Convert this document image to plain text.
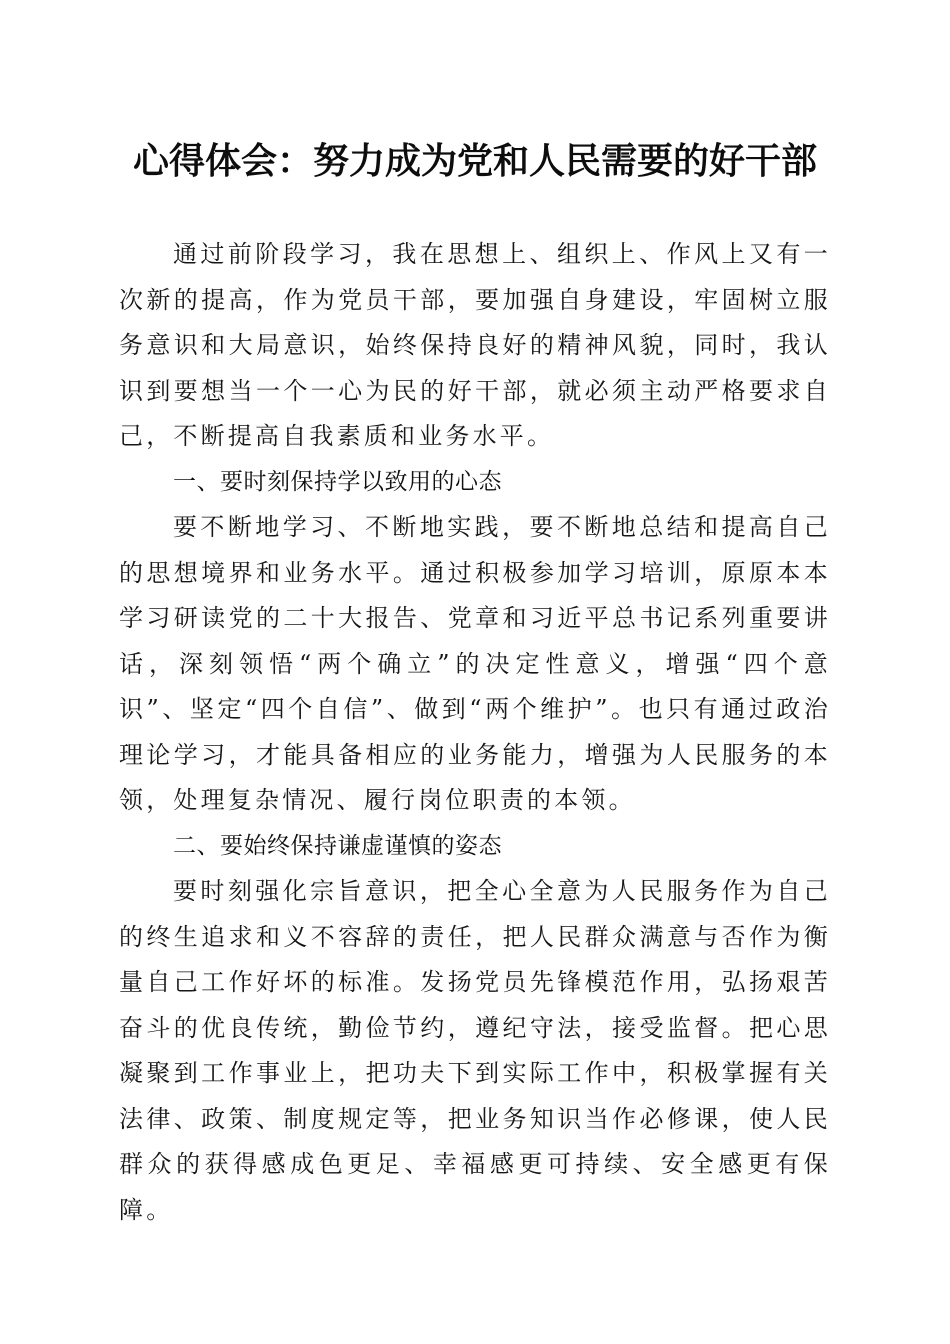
心得体会：努力成为党和人民需要的好干部

通过前阶段学习，我在思想上、组织上、作风上又有一次新的提高，作为党员干部，要加强自身建设，牢固树立服务意识和大局意识，始终保持良好的精神风貌，同时，我认识到要想当一个一心为民的好干部，就必须主动严格要求自己，不断提高自我素质和业务水平。

一、要时刻保持学以致用的心态

要不断地学习、不断地实践，要不断地总结和提高自己的思想境界和业务水平。通过积极参加学习培训，原原本本学习研读党的二十大报告、党章和习近平总书记系列重要讲话，深刻领悟“两个确立”的决定性意义，增强“四个意识”、坚定“四个自信”、做到“两个维护”。也只有通过政治理论学习，才能具备相应的业务能力，增强为人民服务的本领，处理复杂情况、履行岗位职责的本领。

二、要始终保持谦虚谨慎的姿态

要时刻强化宗旨意识，把全心全意为人民服务作为自己的终生追求和义不容辞的责任，把人民群众满意与否作为衡量自己工作好坏的标准。发扬党员先锋模范作用，弘扬艰苦奋斗的优良传统，勤俭节约，遵纪守法，接受监督。把心思凝聚到工作事业上，把功夫下到实际工作中，积极掌握有关法律、政策、制度规定等，把业务知识当作必修课，使人民群众的获得感成色更足、幸福感更可持续、安全感更有保障。
